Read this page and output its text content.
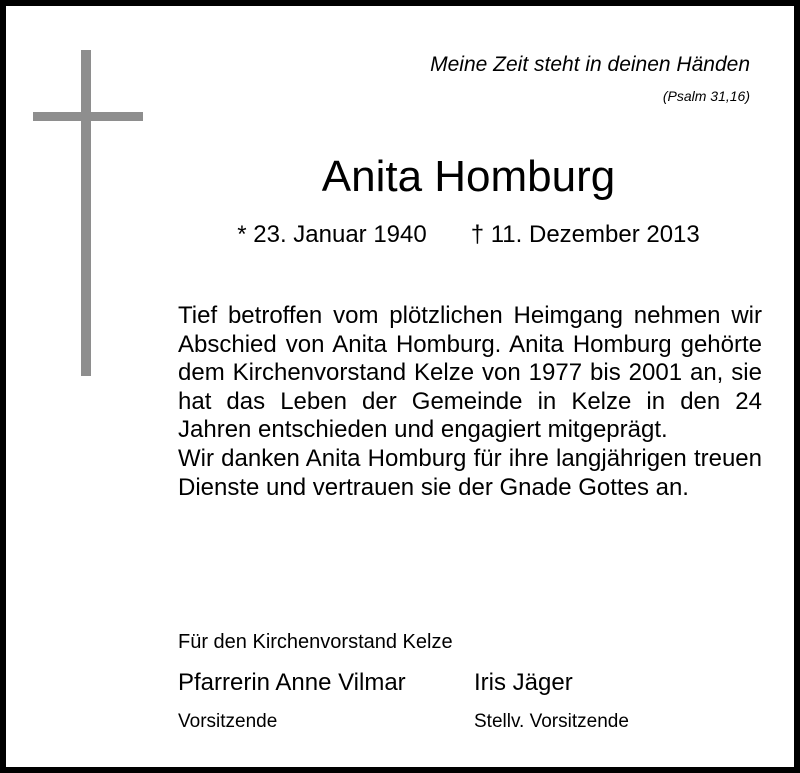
Meine Zeit steht in deinen Händen
(Psalm 31,16)
Anita Homburg
* 23. Januar 1940 † 11. Dezember 2013

Tief betroffen vom plötzlichen Heimgang nehmen wir Abschied von Anita Homburg. Anita Homburg gehörte dem Kirchenvorstand Kelze von 1977 bis 2001 an, sie hat das Leben der Gemeinde in Kelze in den 24 Jahren entschieden und engagiert mitgeprägt.

Wir danken Anita Homburg für ihre langjährigen treuen Dienste und vertrauen sie der Gnade Gottes an.

Für den Kirchenvorstand Kelze
Pfarrerin Anne Vilmar
Vorsitzende
Iris Jäger
Stellv. Vorsitzende
